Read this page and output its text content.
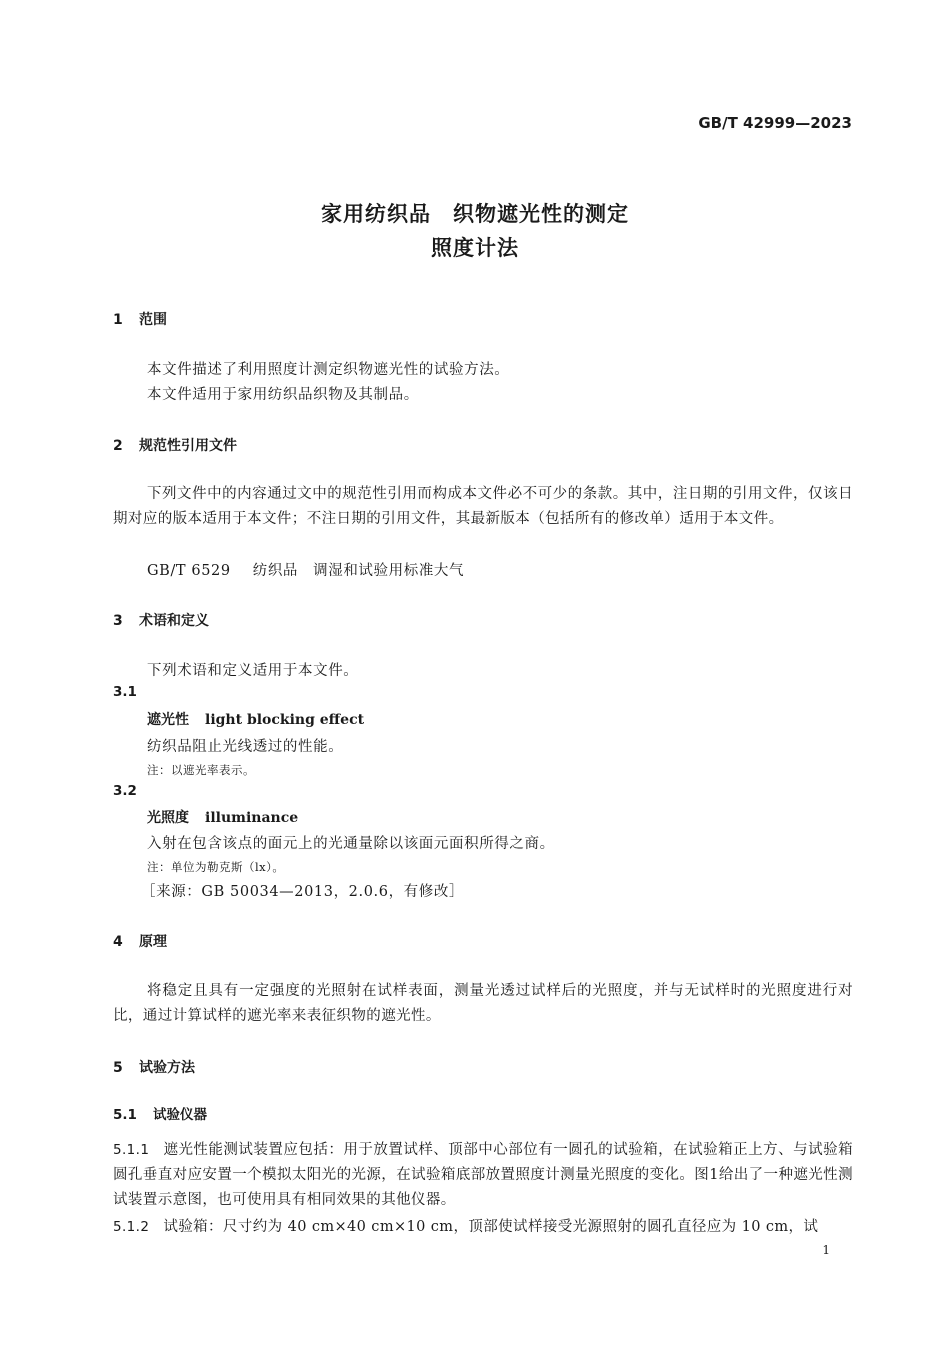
GB/T 42999—2023
家用纺织品　织物遮光性的测定
照度计法
1 范围
本文件描述了利用照度计测定织物遮光性的试验方法。
本文件适用于家用纺织品织物及其制品。
2 规范性引用文件
下列文件中的内容通过文中的规范性引用而构成本文件必不可少的条款。其中，注日期的引用文件，仅该日期对应的版本适用于本文件；不注日期的引用文件，其最新版本（包括所有的修改单）适用于本文件。
GB/T 6529 纺织品　调湿和试验用标准大气
3 术语和定义
下列术语和定义适用于本文件。
3.1
遮光性 light blocking effect
纺织品阻止光线透过的性能。
注：以遮光率表示。
3.2
光照度 illuminance
入射在包含该点的面元上的光通量除以该面元面积所得之商。
注：单位为勒克斯（lx）。
［来源：GB 50034—2013，2.0.6，有修改］
4 原理
将稳定且具有一定强度的光照射在试样表面，测量光透过试样后的光照度，并与无试样时的光照度进行对比，通过计算试样的遮光率来表征织物的遮光性。
5 试验方法
5.1 试验仪器
5.1.1 遮光性能测试装置应包括：用于放置试样、顶部中心部位有一圆孔的试验箱，在试验箱正上方、与试验箱圆孔垂直对应安置一个模拟太阳光的光源，在试验箱底部放置照度计测量光照度的变化。图1给出了一种遮光性测试装置示意图，也可使用具有相同效果的其他仪器。
5.1.2 试验箱：尺寸约为 40 cm×40 cm×10 cm，顶部使试样接受光源照射的圆孔直径应为 10 cm，试
1
